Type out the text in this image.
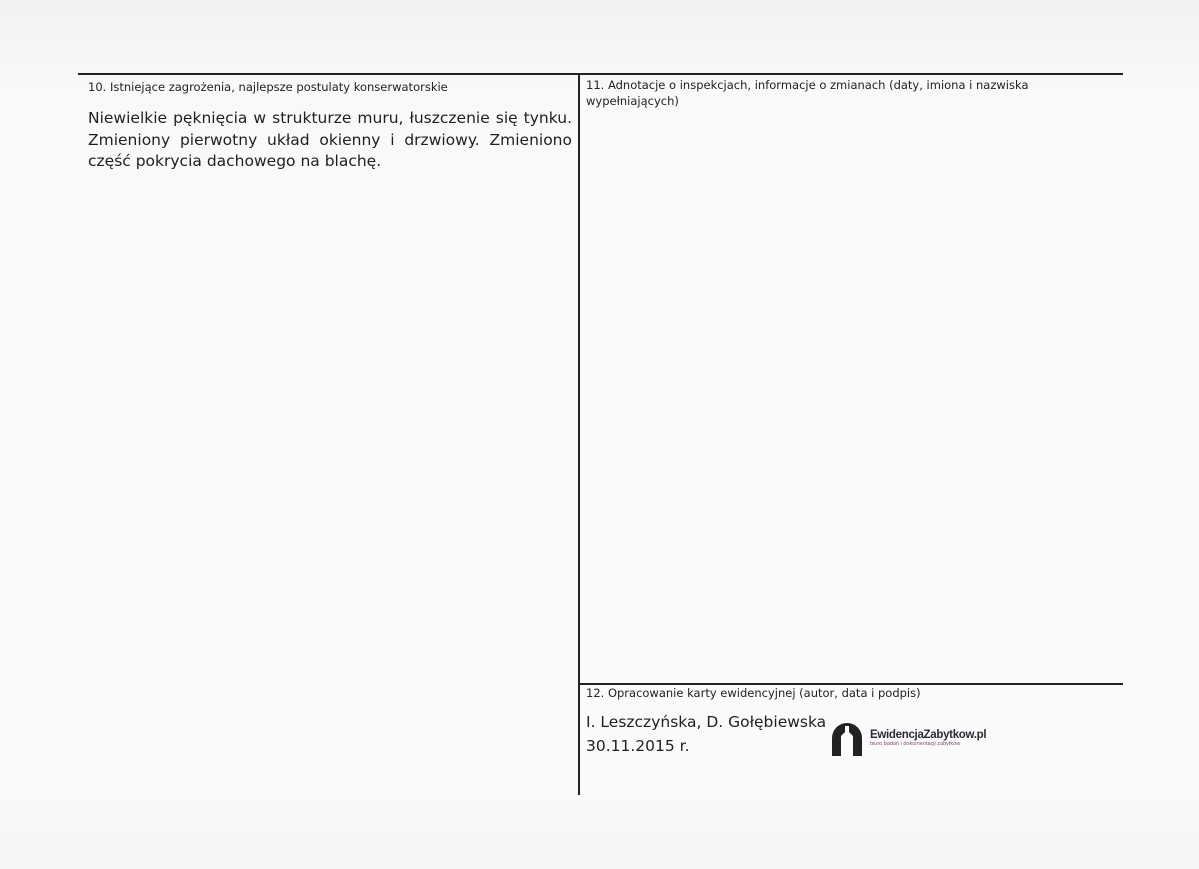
10. Istniejące zagrożenia, najlepsze postulaty konserwatorskie
Niewielkie pęknięcia w strukturze muru, łuszczenie się tynku. Zmieniony pierwotny układ okienny i drzwiowy. Zmieniono część pokrycia dachowego na blachę.
11. Adnotacje o inspekcjach, informacje o zmianach (daty, imiona i nazwiska wypełniających)
12. Opracowanie karty ewidencyjnej (autor, data i podpis)
I. Leszczyńska, D. Gołębiewska
30.11.2015 r.
EwidencjaZabytkow.pl
biuro badań i dokumentacji zabytków
